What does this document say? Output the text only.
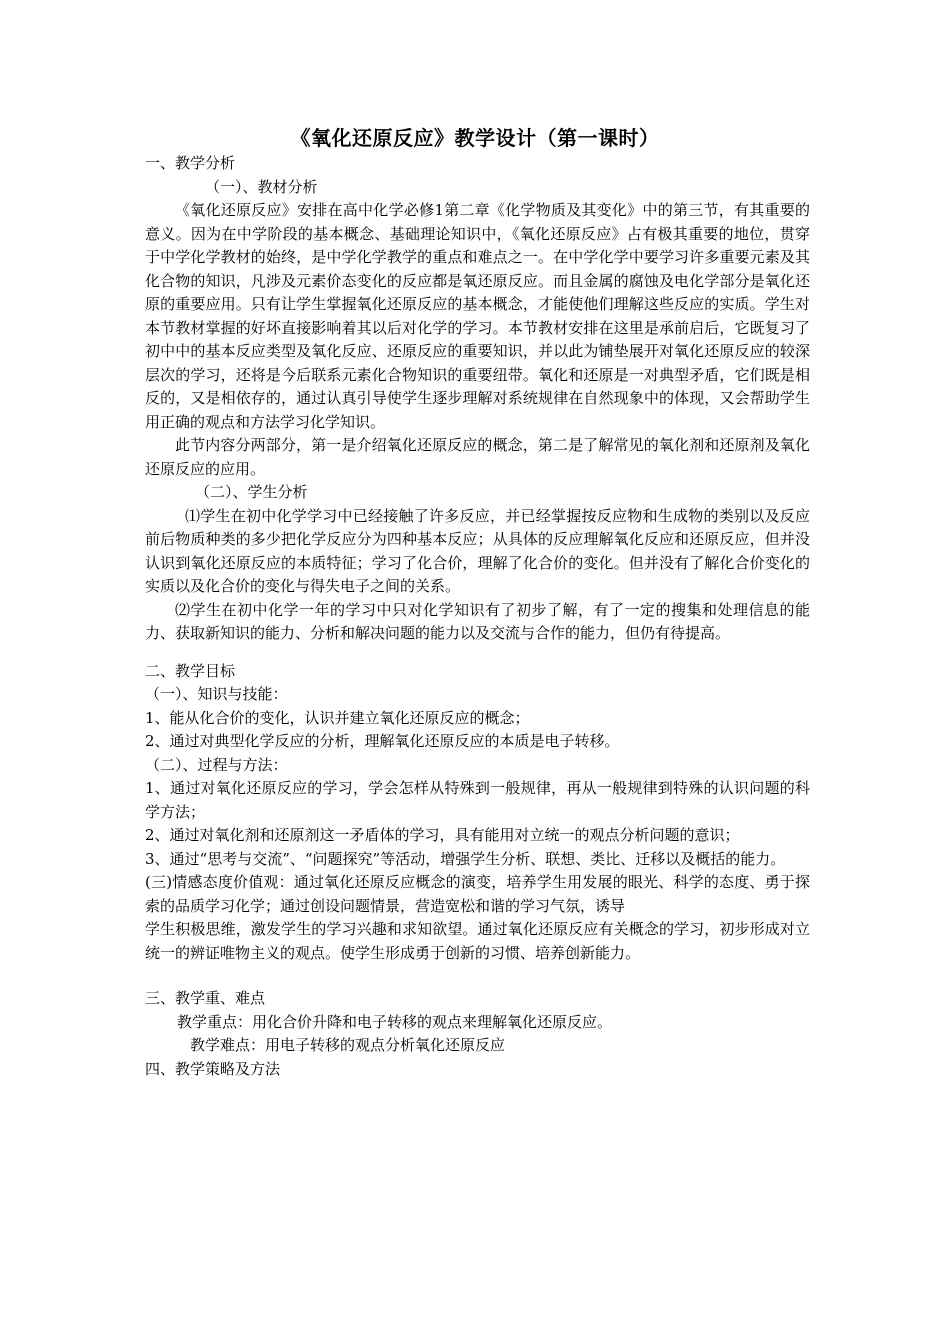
《氧化还原反应》教学设计（第一课时）

一、教学分析

（一）、教材分析

《氧化还原反应》安排在高中化学必修1第二章《化学物质及其变化》中的第三节，有其重要的意义。因为在中学阶段的基本概念、基础理论知识中，《氧化还原反应》占有极其重要的地位，贯穿于中学化学教材的始终，是中学化学教学的重点和难点之一。在中学化学中要学习许多重要元素及其化合物的知识，凡涉及元素价态变化的反应都是氧还原反应。而且金属的腐蚀及电化学部分是氧化还原的重要应用。只有让学生掌握氧化还原反应的基本概念，才能使他们理解这些反应的实质。学生对本节教材掌握的好坏直接影响着其以后对化学的学习。本节教材安排在这里是承前启后，它既复习了初中中的基本反应类型及氧化反应、还原反应的重要知识，并以此为铺垫展开对氧化还原反应的较深层次的学习，还将是今后联系元素化合物知识的重要纽带。氧化和还原是一对典型矛盾，它们既是相反的，又是相依存的，通过认真引导使学生逐步理解对系统规律在自然现象中的体现，又会帮助学生用正确的观点和方法学习化学知识。

此节内容分两部分，第一是介绍氧化还原反应的概念，第二是了解常见的氧化剂和还原剂及氧化还原反应的应用。

（二）、学生分析

⑴学生在初中化学学习中已经接触了许多反应，并已经掌握按反应物和生成物的类别以及反应前后物质种类的多少把化学反应分为四种基本反应；从具体的反应理解氧化反应和还原反应，但并没认识到氧化还原反应的本质特征；学习了化合价，理解了化合价的变化。但并没有了解化合价变化的实质以及化合价的变化与得失电子之间的关系。

⑵学生在初中化学一年的学习中只对化学知识有了初步了解，有了一定的搜集和处理信息的能力、获取新知识的能力、分析和解决问题的能力以及交流与合作的能力，但仍有待提高。

二、教学目标

（一）、知识与技能：

1、能从化合价的变化，认识并建立氧化还原反应的概念；

2、通过对典型化学反应的分析，理解氧化还原反应的本质是电子转移。

（二）、过程与方法：

1、通过对氧化还原反应的学习，学会怎样从特殊到一般规律，再从一般规律到特殊的认识问题的科学方法；

2、通过对氧化剂和还原剂这一矛盾体的学习，具有能用对立统一的观点分析问题的意识；

3、通过“思考与交流”、“问题探究”等活动，增强学生分析、联想、类比、迁移以及概括的能力。

(三)情感态度价值观：通过氧化还原反应概念的演变，培养学生用发展的眼光、科学的态度、勇于探索的品质学习化学；通过创设问题情景，营造宽松和谐的学习气氛，诱导

学生积极思维，激发学生的学习兴趣和求知欲望。通过氧化还原反应有关概念的学习，初步形成对立统一的辨证唯物主义的观点。使学生形成勇于创新的习惯、培养创新能力。

三、教学重、难点

教学重点：用化合价升降和电子转移的观点来理解氧化还原反应。

教学难点：用电子转移的观点分析氧化还原反应

四、教学策略及方法
